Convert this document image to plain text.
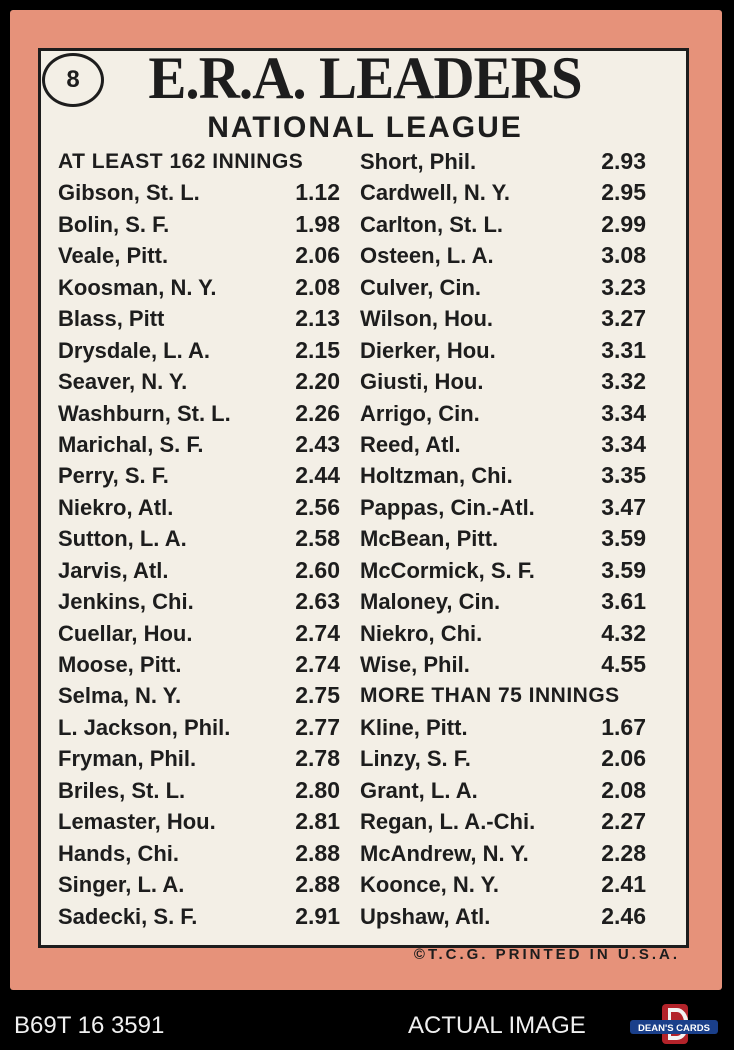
8 E.R.A. LEADERS
NATIONAL LEAGUE
AT LEAST 162 INNINGS
Gibson, St. L.	1.12
Bolin, S. F.	1.98
Veale, Pitt.	2.06
Koosman, N. Y.	2.08
Blass, Pitt	2.13
Drysdale, L. A.	2.15
Seaver, N. Y.	2.20
Washburn, St. L.	2.26
Marichal, S. F.	2.43
Perry, S. F.	2.44
Niekro, Atl.	2.56
Sutton, L. A.	2.58
Jarvis, Atl.	2.60
Jenkins, Chi.	2.63
Cuellar, Hou.	2.74
Moose, Pitt.	2.74
Selma, N. Y.	2.75
L. Jackson, Phil.	2.77
Fryman, Phil.	2.78
Briles, St. L.	2.80
Lemaster, Hou.	2.81
Hands, Chi.	2.88
Singer, L. A.	2.88
Sadecki, S. F.	2.91
Short, Phil.	2.93
Cardwell, N. Y.	2.95
Carlton, St. L.	2.99
Osteen, L. A.	3.08
Culver, Cin.	3.23
Wilson, Hou.	3.27
Dierker, Hou.	3.31
Giusti, Hou.	3.32
Arrigo, Cin.	3.34
Reed, Atl.	3.34
Holtzman, Chi.	3.35
Pappas, Cin.-Atl.	3.47
McBean, Pitt.	3.59
McCormick, S. F.	3.59
Maloney, Cin.	3.61
Niekro, Chi.	4.32
Wise, Phil.	4.55
MORE THAN 75 INNINGS
Kline, Pitt.	1.67
Linzy, S. F.	2.06
Grant, L. A.	2.08
Regan, L. A.-Chi.	2.27
McAndrew, N. Y.	2.28
Koonce, N. Y.	2.41
Upshaw, Atl.	2.46
©T.C.G. PRINTED IN U.S.A.
B69T 16 3591	ACTUAL IMAGE	DEAN'S CARDS
